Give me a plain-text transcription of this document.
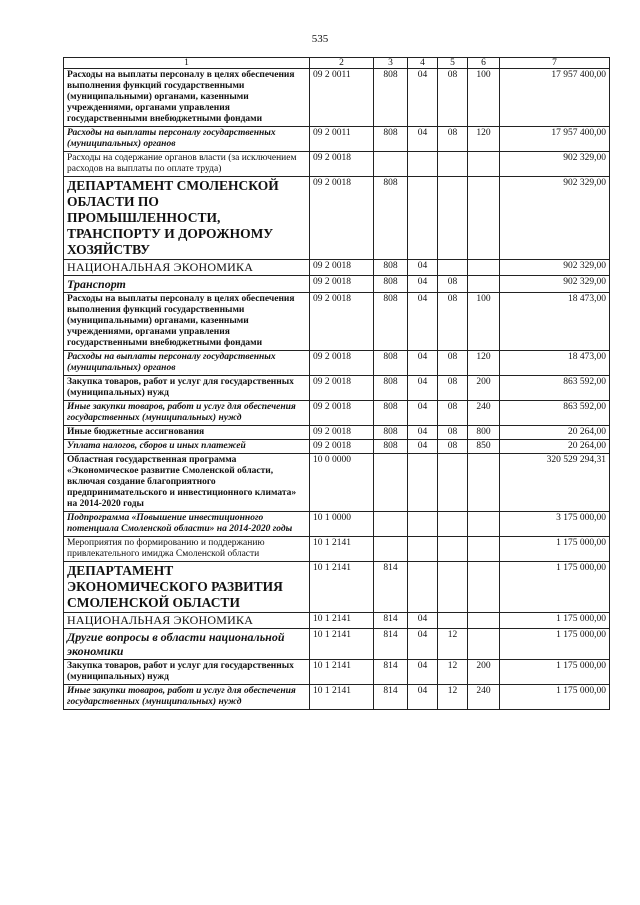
535
1	2	3	4	5	6	7
Расходы на выплаты персоналу в целях обеспечения выполнения функций государственными (муниципальными) органами, казенными учреждениями, органами управления государственными внебюджетными фондами	09 2 0011	808	04	08	100	17 957 400,00
Расходы на выплаты персоналу государственных (муниципальных) органов	09 2 0011	808	04	08	120	17 957 400,00
Расходы на содержание органов власти (за исключением расходов на выплаты по оплате труда)	09 2 0018					902 329,00
ДЕПАРТАМЕНТ СМОЛЕНСКОЙ ОБЛАСТИ ПО ПРОМЫШЛЕННОСТИ, ТРАНСПОРТУ И ДОРОЖНОМУ ХОЗЯЙСТВУ	09 2 0018	808				902 329,00
НАЦИОНАЛЬНАЯ ЭКОНОМИКА	09 2 0018	808	04			902 329,00
Транспорт	09 2 0018	808	04	08		902 329,00
Расходы на выплаты персоналу в целях обеспечения выполнения функций государственными (муниципальными) органами, казенными учреждениями, органами управления государственными внебюджетными фондами	09 2 0018	808	04	08	100	18 473,00
Расходы на выплаты персоналу государственных (муниципальных) органов	09 2 0018	808	04	08	120	18 473,00
Закупка товаров, работ и услуг для государственных (муниципальных) нужд	09 2 0018	808	04	08	200	863 592,00
Иные закупки товаров, работ и услуг для обеспечения государственных (муниципальных) нужд	09 2 0018	808	04	08	240	863 592,00
Иные бюджетные ассигнования	09 2 0018	808	04	08	800	20 264,00
Уплата налогов, сборов и иных платежей	09 2 0018	808	04	08	850	20 264,00
Областная государственная программа «Экономическое развитие Смоленской области, включая создание благоприятного предпринимательского и инвестиционного климата» на 2014-2020 годы	10 0 0000					320 529 294,31
Подпрограмма «Повышение инвестиционного потенциала Смоленской области» на 2014-2020 годы	10 1 0000					3 175 000,00
Мероприятия по формированию и поддержанию привлекательного имиджа Смоленской области	10 1 2141					1 175 000,00
ДЕПАРТАМЕНТ ЭКОНОМИЧЕСКОГО РАЗВИТИЯ СМОЛЕНСКОЙ ОБЛАСТИ	10 1 2141	814				1 175 000,00
НАЦИОНАЛЬНАЯ ЭКОНОМИКА	10 1 2141	814	04			1 175 000,00
Другие вопросы в области национальной экономики	10 1 2141	814	04	12		1 175 000,00
Закупка товаров, работ и услуг для государственных (муниципальных) нужд	10 1 2141	814	04	12	200	1 175 000,00
Иные закупки товаров, работ и услуг для обеспечения государственных (муниципальных) нужд	10 1 2141	814	04	12	240	1 175 000,00
